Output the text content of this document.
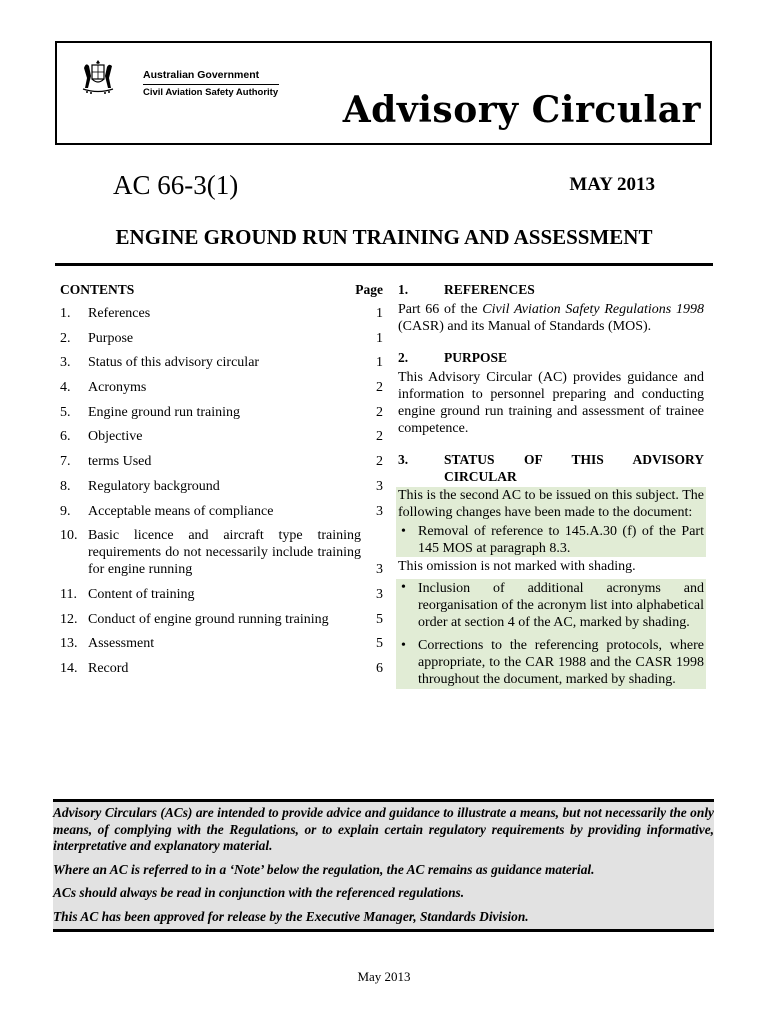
Australian Government
Civil Aviation Safety Authority Advisory Circular
AC 66-3(1)	MAY 2013
ENGINE GROUND RUN TRAINING AND ASSESSMENT
CONTENTS	Page
1.	References	1
2.	Purpose	1
3.	Status of this advisory circular	1
4.	Acronyms	2
5.	Engine ground run training	2
6.	Objective	2
7.	terms Used	2
8.	Regulatory background	3
9.	Acceptable means of compliance	3
10. Basic licence and aircraft type training requirements do not necessarily include training for engine running	3
11. Content of training	3
12. Conduct of engine ground running training	5
13. Assessment	5
14. Record	6
1.	REFERENCES

Part 66 of the Civil Aviation Safety Regulations 1998 (CASR) and its Manual of Standards (MOS).

2.	PURPOSE

This Advisory Circular (AC) provides guidance and information to personnel preparing and conducting engine ground run training and assessment of trainee competence.

3.	STATUS OF THIS ADVISORY
CIRCULAR
This is the second AC to be issued on this subject. The following changes have been made to the document:
• Removal of reference to 145.A.30 (f) of the Part 145 MOS at paragraph 8.3.
This omission is not marked with shading.
• Inclusion of additional acronyms and reorganisation of the acronym list into alphabetical order at section 4 of the AC, marked by shading.
• Corrections to the referencing protocols, where appropriate, to the CAR 1988 and the CASR 1998 throughout the document, marked by shading.

Advisory Circulars (ACs) are intended to provide advice and guidance to illustrate a means, but not necessarily the only means, of complying with the Regulations, or to explain certain regulatory requirements by providing informative, interpretative and explanatory material.

Where an AC is referred to in a ‘Note’ below the regulation, the AC remains as guidance material.

ACs should always be read in conjunction with the referenced regulations.

This AC has been approved for release by the Executive Manager, Standards Division.

May 2013
